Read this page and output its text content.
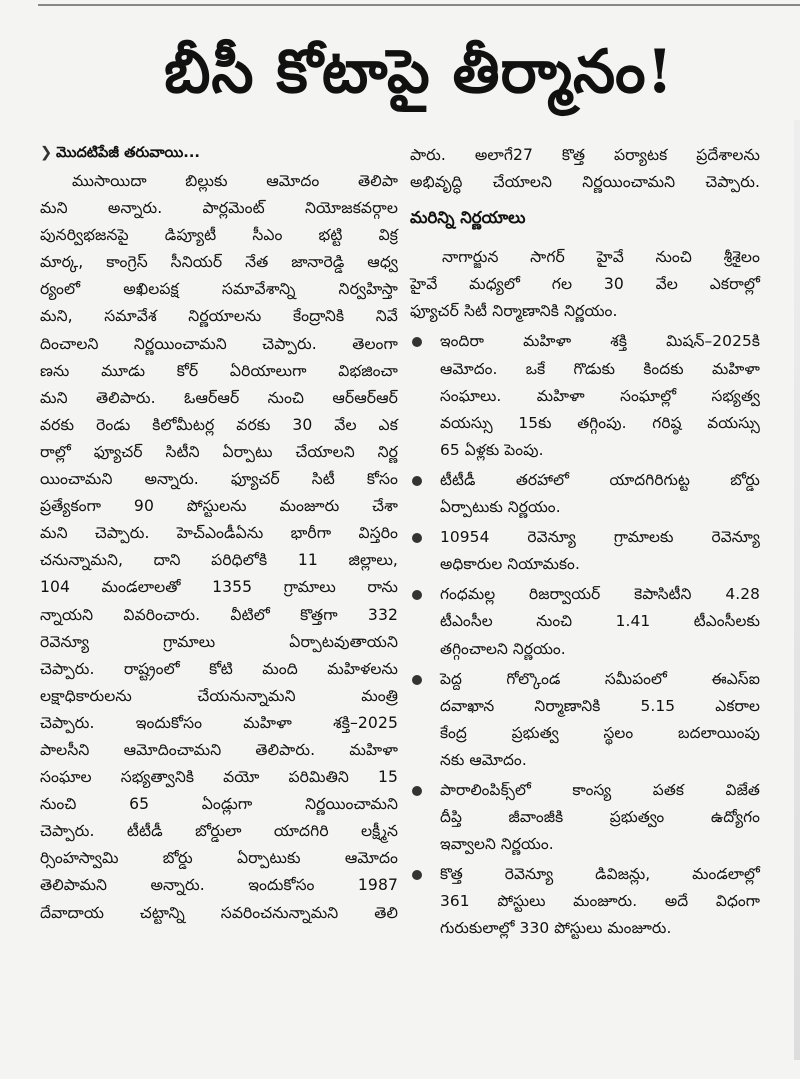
బీసీ కోటాపై తీర్మానం!
❯ మొదటిపేజీ తరువాయి...
ముసాయిదా బిల్లుకు ఆమోదం తెలిపా
మని అన్నారు. పార్లమెంట్ నియోజకవర్గాల
పునర్విభజనపై డిప్యూటీ సీఎం భట్టి విక్ర
మార్క, కాంగ్రెస్ సీనియర్ నేత జానారెడ్డి ఆధ్వ
ర్యంలో అఖిలపక్ష సమావేశాన్ని నిర్వహిస్తా
మని, సమావేశ నిర్ణయాలను కేంద్రానికి నివే
దించాలని నిర్ణయించామని చెప్పారు. తెలంగా
ణను మూడు కోర్ ఏరియాలుగా విభజించా
మని తెలిపారు. ఓఆర్ఆర్ నుంచి ఆర్ఆర్ఆర్
వరకు రెండు కిలోమీటర్ల వరకు 30 వేల ఎక
రాల్లో ఫ్యూచర్ సిటీని ఏర్పాటు చేయాలని నిర్ణ
యించామని అన్నారు. ఫ్యూచర్ సిటీ కోసం
ప్రత్యేకంగా 90 పోస్టులను మంజూరు చేశా
మని చెప్పారు. హెచ్ఎండీఏను భారీగా విస్తరిం
చనున్నామని, దాని పరిధిలోకి 11 జిల్లాలు,
104 మండలాలతో 1355 గ్రామాలు రాను
న్నాయని వివరించారు. వీటిలో కొత్తగా 332
రెవెన్యూ గ్రామాలు ఏర్పాటవుతాయని
చెప్పారు. రాష్ట్రంలో కోటి మంది మహిళలను
లక్షాధికారులను చేయనున్నామని మంత్రి
చెప్పారు. ఇందుకోసం మహిళా శక్తి–2025
పాలసీని ఆమోదించామని తెలిపారు. మహిళా
సంఘాల సభ్యత్వానికి వయో పరిమితిని 15
నుంచి 65 ఏండ్లుగా నిర్ణయించామని
చెప్పారు. టీటీడీ బోర్డులా యాదగిరి లక్ష్మీన
ర్సింహస్వామి బోర్డు ఏర్పాటుకు ఆమోదం
తెలిపామని అన్నారు. ఇందుకోసం 1987
దేవాదాయ చట్టాన్ని సవరించనున్నామని తెలి
పారు. అలాగే27 కొత్త పర్యాటక ప్రదేశాలను
అభివృద్ధి చేయాలని నిర్ణయించామని చెప్పారు.
మరిన్ని నిర్ణయాలు
నాగార్జున సాగర్ హైవే నుంచి శ్రీశైలం
హైవే మధ్యలో గల 30 వేల ఎకరాల్లో
ఫ్యూచర్ సిటీ నిర్మాణానికి నిర్ణయం.
ఇందిరా మహిళా శక్తి మిషన్–2025కి
ఆమోదం. ఒకే గొడుకు కిందకు మహిళా
సంఘాలు. మహిళా సంఘాల్లో సభ్యత్వ
వయస్సు 15కు తగ్గింపు. గరిష్ఠ వయస్సు
65 ఏళ్లకు పెంపు.
టీటీడీ తరహాలో యాదగిరిగుట్ట బోర్డు
ఏర్పాటుకు నిర్ణయం.
10954 రెవెన్యూ గ్రామాలకు రెవెన్యూ
అధికారుల నియామకం.
గంధమల్ల రిజర్వాయర్ కెపాసిటీని 4.28
టీఎంసీల నుంచి 1.41 టీఎంసీలకు
తగ్గించాలని నిర్ణయం.
పెద్ద గోల్కొండ సమీపంలో ఈఎస్ఐ
దవాఖాన నిర్మాణానికి 5.15 ఎకరాల
కేంద్ర ప్రభుత్వ స్థలం బదలాయింపు
నకు ఆమోదం.
పారాలింపిక్స్‌లో కాంస్య పతక విజేత
దీప్తి జీవాంజీకి ప్రభుత్వం ఉద్యోగం
ఇవ్వాలని నిర్ణయం.
కొత్త రెవెన్యూ డివిజన్లు, మండలాల్లో
361 పోస్టులు మంజూరు. అదే విధంగా
గురుకులాల్లో 330 పోస్టులు మంజూరు.
